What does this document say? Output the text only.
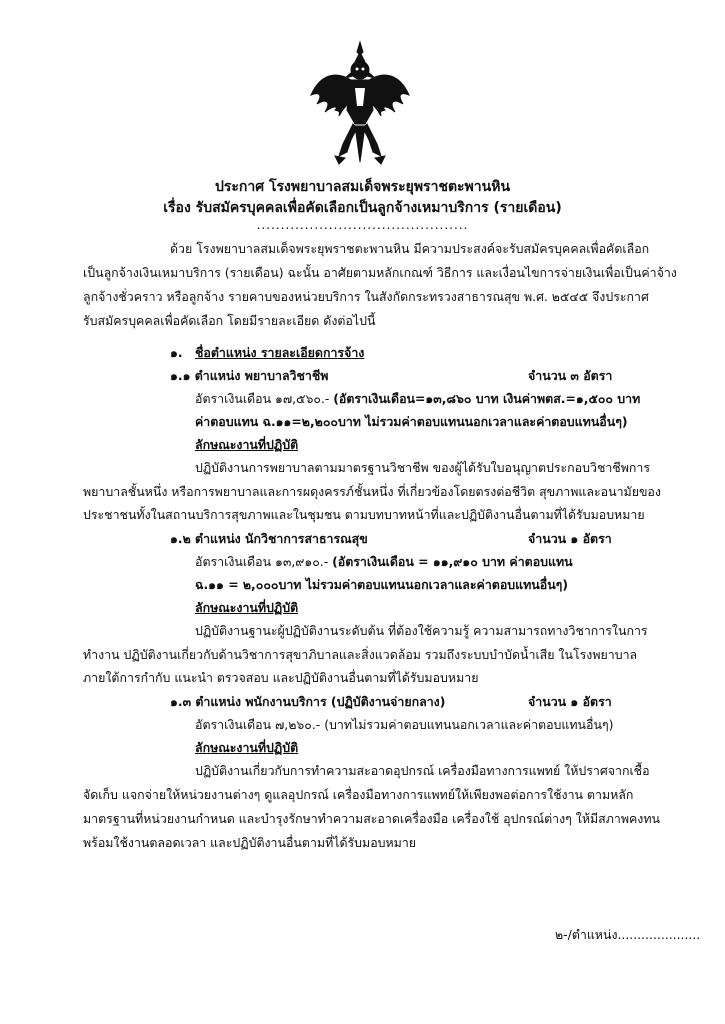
ประกาศ โรงพยาบาลสมเด็จพระยุพราชตะพานหิน
เรื่อง รับสมัครบุคคลเพื่อคัดเลือกเป็นลูกจ้างเหมาบริการ (รายเดือน)
............................................
ด้วย โรงพยาบาลสมเด็จพระยุพราชตะพานหิน มีความประสงค์จะรับสมัครบุคคลเพื่อคัดเลือก
เป็นลูกจ้างเงินเหมาบริการ (รายเดือน) ฉะนั้น อาศัยตามหลักเกณฑ์ วิธีการ และเงื่อนไขการจ่ายเงินเพื่อเป็นค่าจ้าง
ลูกจ้างชั่วคราว หรือลูกจ้าง รายคาบของหน่วยบริการ ในสังกัดกระทรวงสาธารณสุข พ.ศ. ๒๕๔๕ จึงประกาศ
รับสมัครบุคคลเพื่อคัดเลือก โดยมีรายละเอียด ดังต่อไปนี้
๑. ชื่อตำแหน่ง รายละเอียดการจ้าง
๑.๑ ตำแหน่ง พยาบาลวิชาชีพ	จำนวน ๓ อัตรา
อัตราเงินเดือน ๑๗,๕๖๐.- (อัตราเงินเดือน=๑๓,๘๖๐ บาท เงินค่าพตส.=๑,๕๐๐ บาท
ค่าตอบแทน ฉ.๑๑=๒,๒๐๐บาท ไม่รวมค่าตอบแทนนอกเวลาและค่าตอบแทนอื่นๆ)
ลักษณะงานที่ปฏิบัติ
ปฏิบัติงานการพยาบาลตามมาตรฐานวิชาชีพ ของผู้ได้รับใบอนุญาตประกอบวิชาชีพการ
พยาบาลชั้นหนึ่ง หรือการพยาบาลและการผดุงครรภ์ชั้นหนึ่ง ที่เกี่ยวข้องโดยตรงต่อชีวิต สุขภาพและอนามัยของ
ประชาชนทั้งในสถานบริการสุขภาพและในชุมชน ตามบทบาทหน้าที่และปฏิบัติงานอื่นตามที่ได้รับมอบหมาย
๑.๒ ตำแหน่ง นักวิชาการสาธารณสุข	จำนวน ๑ อัตรา
อัตราเงินเดือน ๑๓,๙๑๐.- (อัตราเงินเดือน = ๑๑,๙๑๐ บาท ค่าตอบแทน
ฉ.๑๑ = ๒,๐๐๐บาท ไม่รวมค่าตอบแทนนอกเวลาและค่าตอบแทนอื่นๆ)
ลักษณะงานที่ปฏิบัติ
ปฏิบัติงานฐานะผู้ปฏิบัติงานระดับต้น ที่ต้องใช้ความรู้ ความสามารถทางวิชาการในการ
ทำงาน ปฏิบัติงานเกี่ยวกับด้านวิชาการสุขาภิบาลและสิ่งแวดล้อม รวมถึงระบบบำบัดน้ำเสีย ในโรงพยาบาล
ภายใต้การกำกับ แนะนำ ตรวจสอบ และปฏิบัติงานอื่นตามที่ได้รับมอบหมาย
๑.๓ ตำแหน่ง พนักงานบริการ (ปฏิบัติงานจ่ายกลาง)	จำนวน ๑ อัตรา
อัตราเงินเดือน ๗,๒๖๐.- (บาทไม่รวมค่าตอบแทนนอกเวลาและค่าตอบแทนอื่นๆ)
ลักษณะงานที่ปฏิบัติ
ปฏิบัติงานเกี่ยวกับการทำความสะอาดอุปกรณ์ เครื่องมือทางการแพทย์ ให้ปราศจากเชื้อ
จัดเก็บ แจกจ่ายให้หน่วยงานต่างๆ ดูแลอุปกรณ์ เครื่องมือทางการแพทย์ให้เพียงพอต่อการใช้งาน ตามหลัก
มาตรฐานที่หน่วยงานกำหนด และบำรุงรักษาทำความสะอาดเครื่องมือ เครื่องใช้ อุปกรณ์ต่างๆ ให้มีสภาพคงทน
พร้อมใช้งานตลอดเวลา และปฏิบัติงานอื่นตามที่ได้รับมอบหมาย
๒-/ตำแหน่ง.....................
